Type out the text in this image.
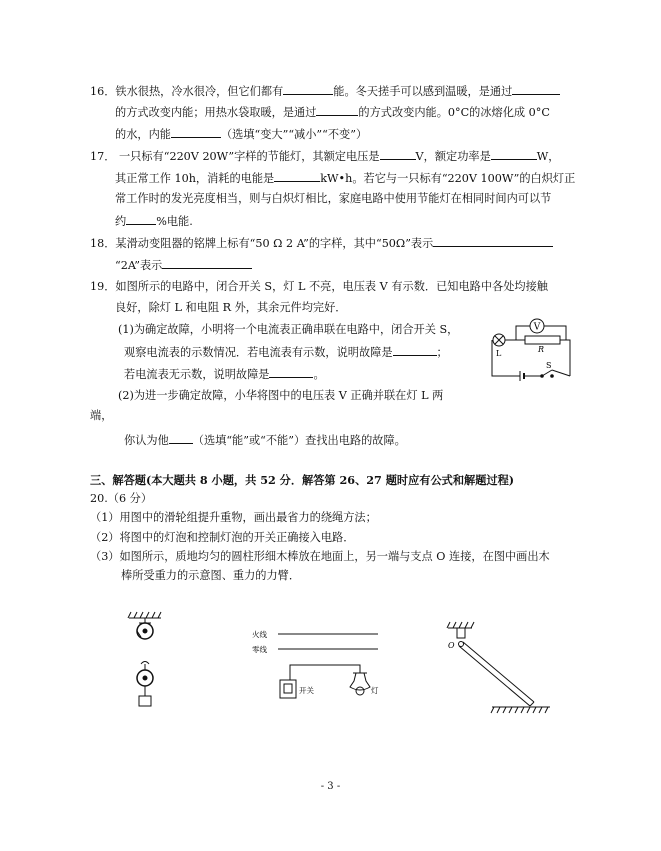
16．铁水很热，冷水很冷，但它们都有	能。冬天搓手可以感到温暖，是通过
的方式改变内能；用热水袋取暖，是通过	的方式改变内能。0°C的冰熔化成 0°C
的水，内能	（选填“变大”“减小”“不变”）
17． 一只标有“220V 20W”字样的节能灯，其额定电压是	V，额定功率是	W，
其正常工作 10h，消耗的电能是	kW•h。若它与一只标有“220V 100W”的白炽灯正
常工作时的发光亮度相当，则与白炽灯相比，家庭电路中使用节能灯在相同时间内可以节
约	%电能.
18．某滑动变阻器的铭牌上标有“50 Ω 2 A”的字样，其中“50Ω”表示
“2A”表示
19．如图所示的电路中，闭合开关 S，灯 L 不亮，电压表 V 有示数．已知电路中各处均接触
良好，除灯 L 和电阻 R 外，其余元件均完好．
(1)为确定故障，小明将一个电流表正确串联在电路中，闭合开关 S，
观察电流表的示数情况．若电流表有示数，说明故障是	；
若电流表无示数，说明故障是	。
(2)为进一步确定故障，小华将图中的电压表 V 正确并联在灯 L 两
端，
你认为他 （选填“能”或“不能”）查找出电路的故障。
V
L	R
S
三、解答题(本大题共 8 小题，共 52 分．解答第 26、27 题时应有公式和解题过程)
20.（6 分）
（1）用图中的滑轮组提升重物，画出最省力的绕绳方法；
（2）将图中的灯泡和控制灯泡的开关正确接入电路．
（3）如图所示，质地均匀的圆柱形细木棒放在地面上，另一端与支点 O 连接，在图中画出木
棒所受重力的示意图、重力的力臂．
火线
零线
开关	灯
O
- 3 -
